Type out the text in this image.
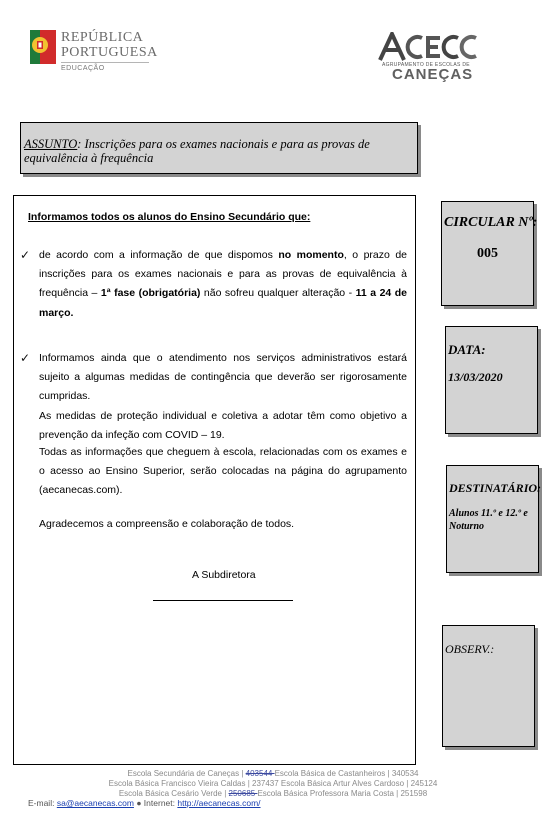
REPÚBLICA
PORTUGUESA
EDUCAÇÃO	AGRUPAMENTO DE ESCOLAS DE
CANEÇAS
ASSUNTO: Inscrições para os exames nacionais e para as provas de equivalência à frequência
Informamos todos os alunos do Ensino Secundário que:
✓ de acordo com a informação de que dispomos no momento, o prazo de inscrições para os exames nacionais e para as provas de equivalência à frequência – 1ª fase (obrigatória) não sofreu qualquer alteração - 11 a 24 de março.
✓ Informamos ainda que o atendimento nos serviços administrativos estará sujeito a algumas medidas de contingência que deverão ser rigorosamente cumpridas.
As medidas de proteção individual e coletiva a adotar têm como objetivo a prevenção da infeção com COVID – 19.
Todas as informações que cheguem à escola, relacionadas com os exames e o acesso ao Ensino Superior, serão colocadas na página do agrupamento (aecanecas.com).
Agradecemos a compreensão e colaboração de todos.
A Subdiretora
CIRCULAR Nº:
005
DATA:
13/03/2020
DESTINATÁRIO:
Alunos 11.º e 12.º e Noturno
OBSERV.:
Escola Secundária de Caneças | 403544 Escola Básica de Castanheiros | 340534
Escola Básica Francisco Vieira Caldas | 237437 Escola Básica Artur Alves Cardoso | 245124
Escola Básica Cesário Verde | 250685 Escola Básica Professora Maria Costa | 251598
E-mail: sa@aecanecas.com ● Internet: http://aecanecas.com/
